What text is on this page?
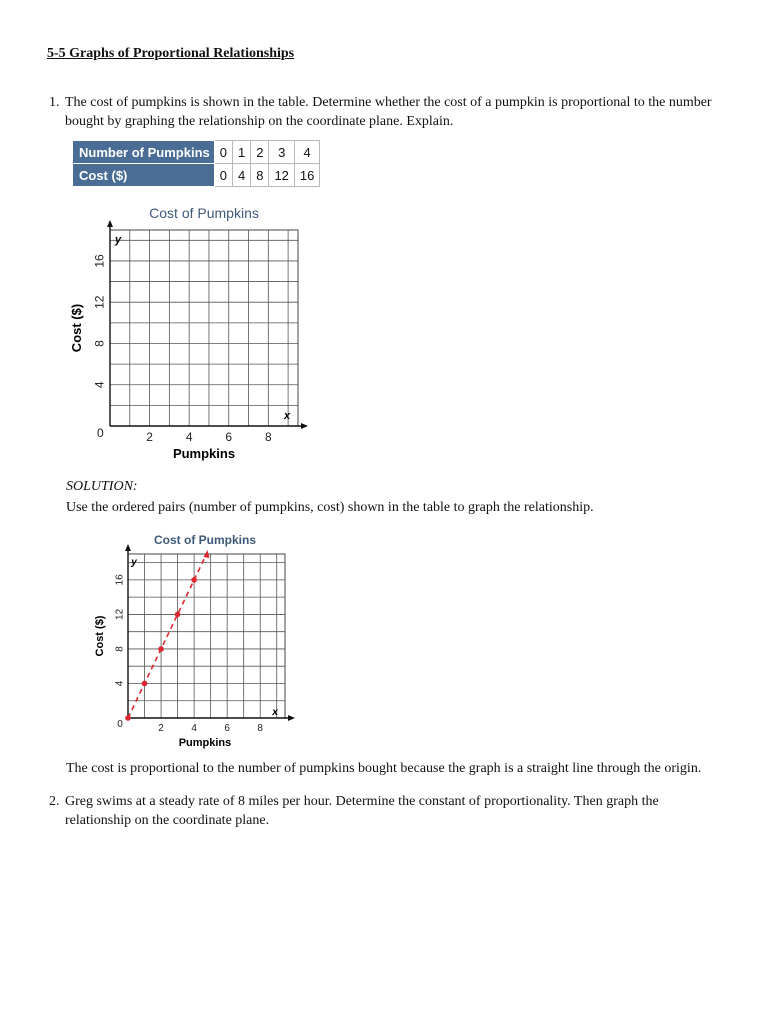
5-5 Graphs of Proportional Relationships
1. The cost of pumpkins is shown in the table. Determine whether the cost of a pumpkin is proportional to the number
bought by graphing the relationship on the coordinate plane. Explain.
Number of Pumpkins	0	1	2	3	4
Cost ($)	0	4	8	12	16
Cost of Pumpkins
2	4	6	8
0
4
8
12
16
y
x
Pumpkins
Cost ($)
SOLUTION:
Use the ordered pairs (number of pumpkins, cost) shown in the table to graph the relationship.
Cost of Pumpkins
2	4	6	8
0
4
8
12
16
y
x
Pumpkins
Cost ($)
The cost is proportional to the number of pumpkins bought because the graph is a straight line through the origin.
2. Greg swims at a steady rate of 8 miles per hour. Determine the constant of proportionality. Then graph the
relationship on the coordinate plane.
